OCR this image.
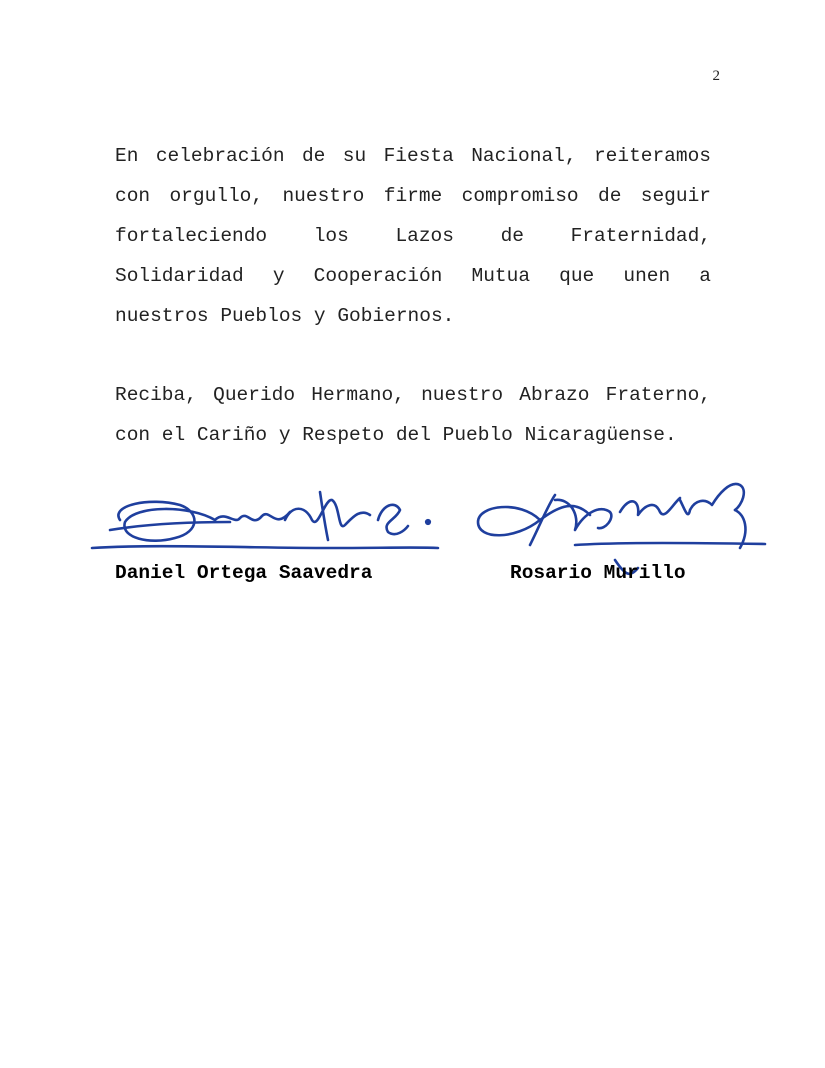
2

En celebración de su Fiesta Nacional, reiteramos con orgullo, nuestro firme compromiso de seguir fortaleciendo los Lazos de Fraternidad, Solidaridad y Cooperación Mutua que unen a nuestros Pueblos y Gobiernos.

Reciba, Querido Hermano, nuestro Abrazo Fraterno, con el Cariño y Respeto del Pueblo Nicaragüense.

Daniel Ortega Saavedra	Rosario Murillo
